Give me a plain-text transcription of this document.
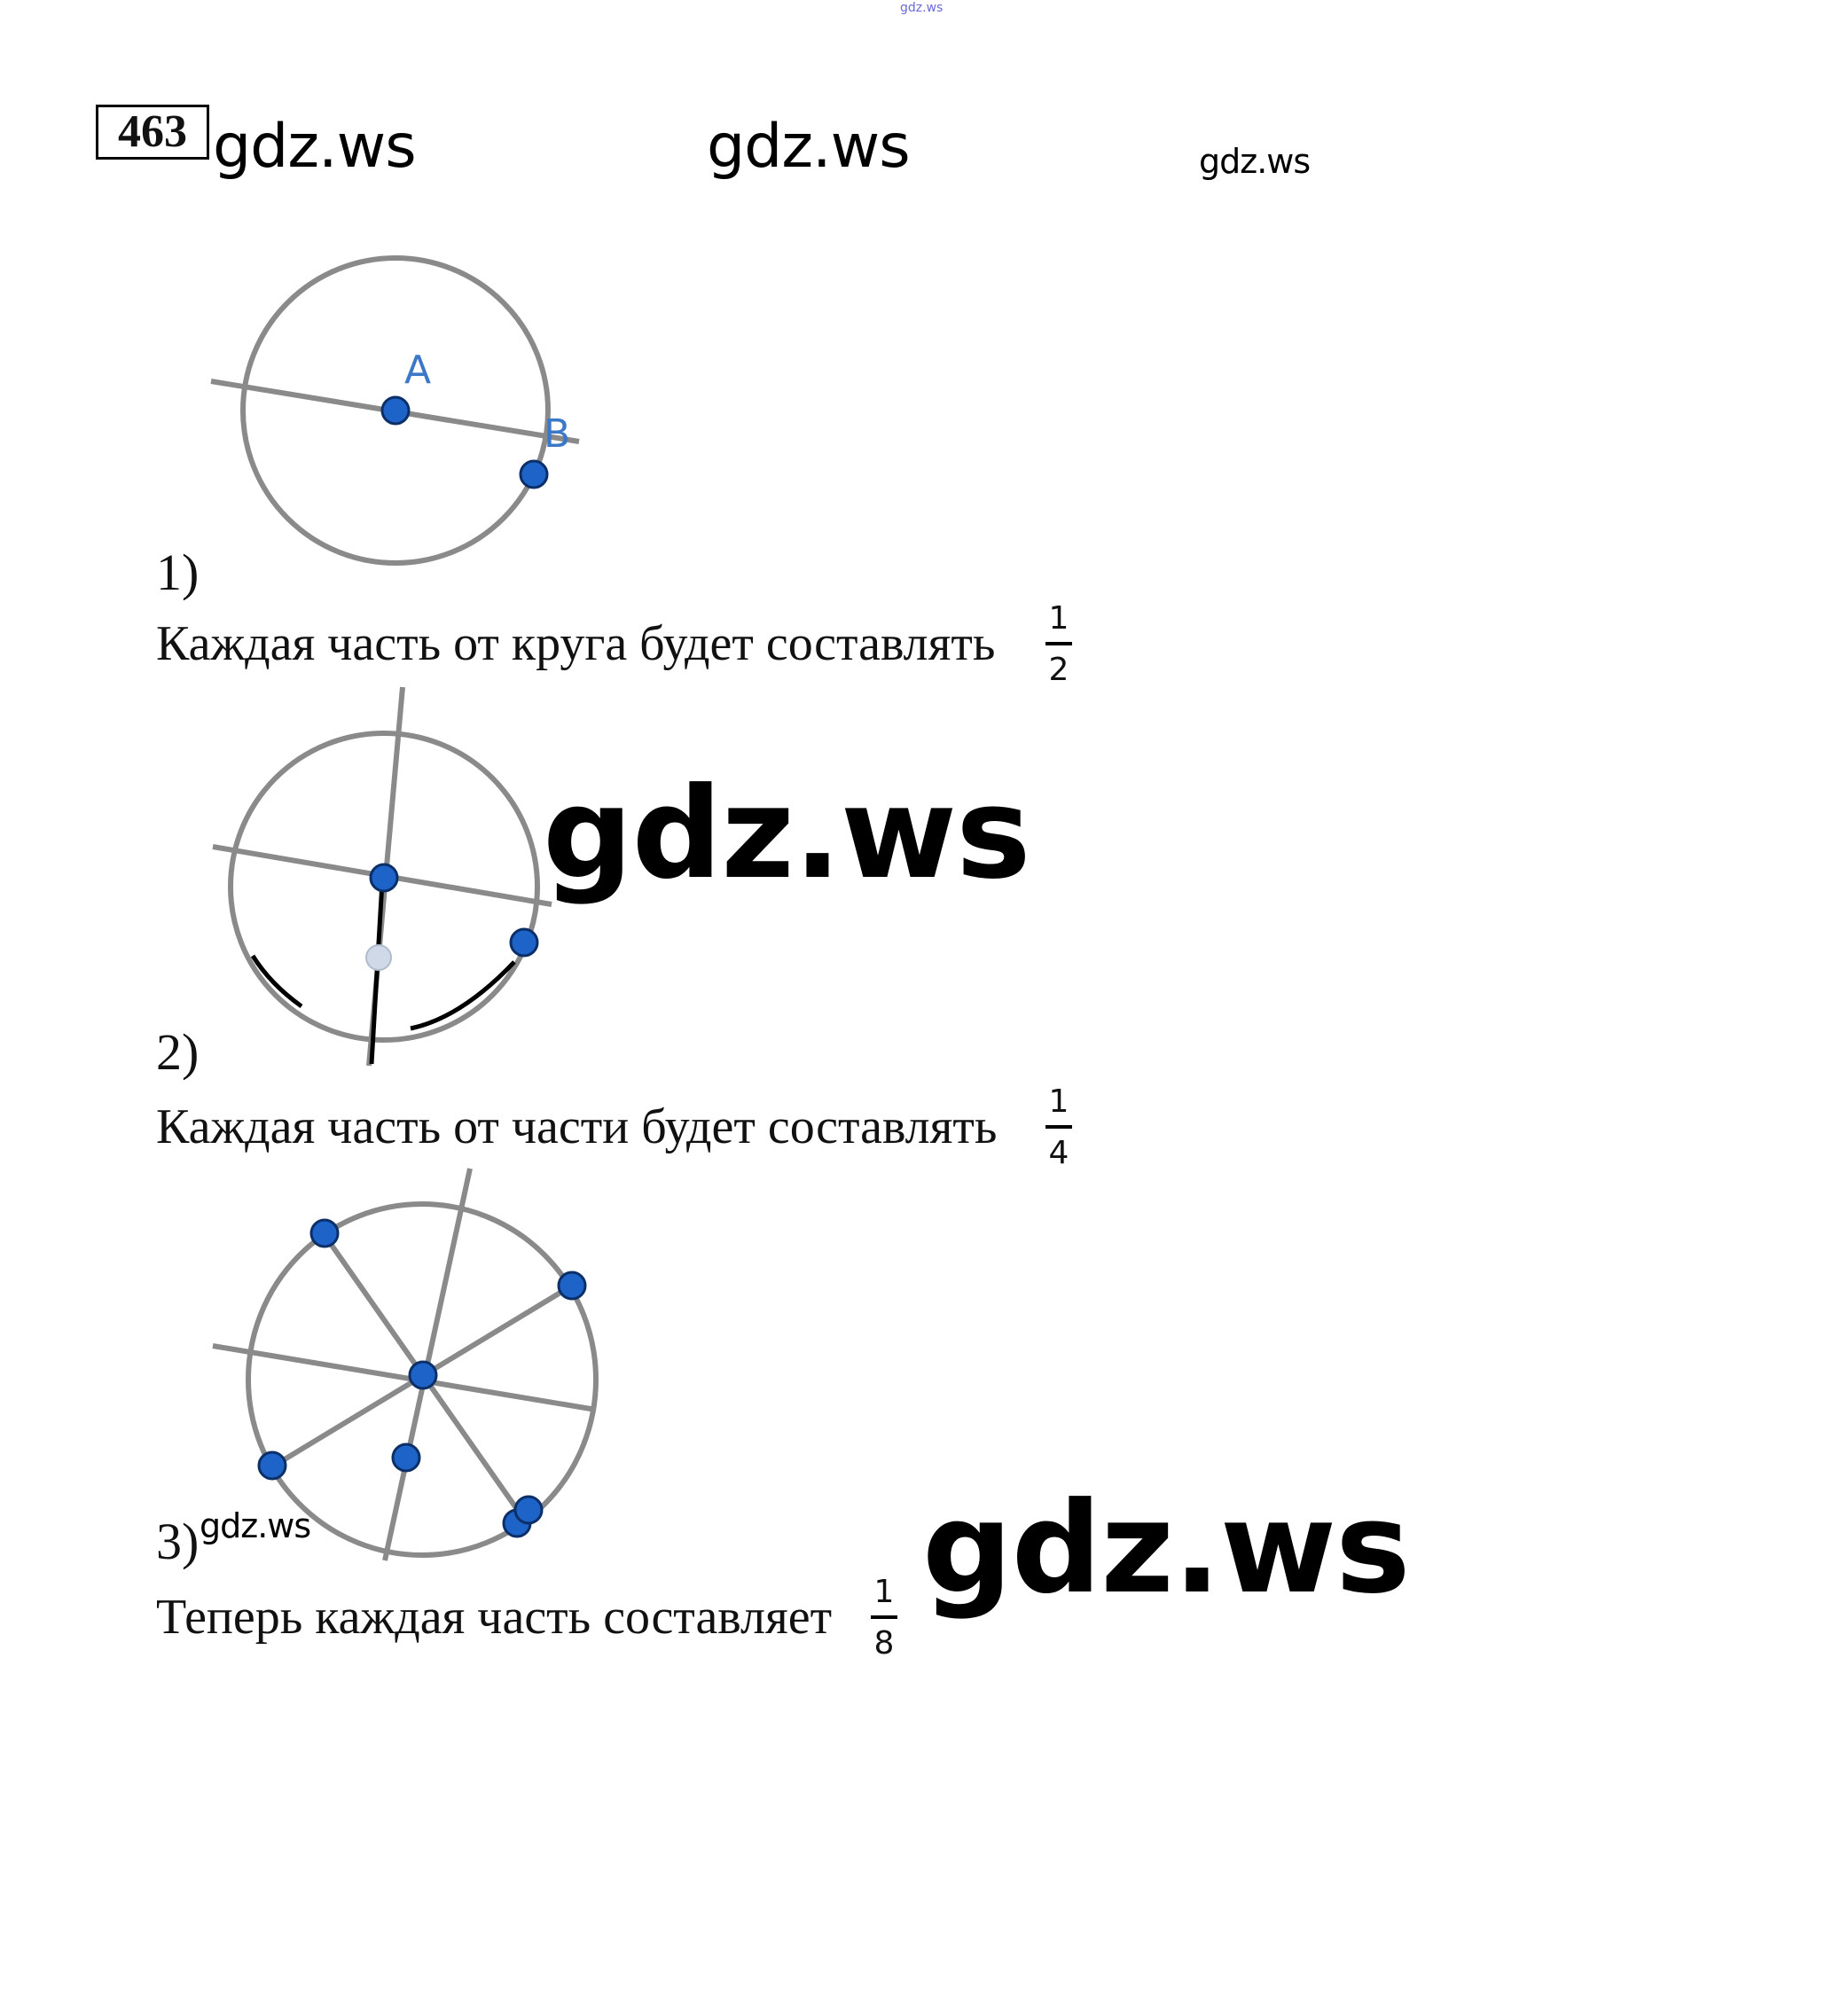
gdz.ws
gdz.ws	gdz.ws	gdz.ws
gdz.ws
gdz.ws	gdz.ws
463
A
B
1)
Каждая часть от круга будет составлять 1
2
2)
Каждая часть от части будет составлять 1
4
3)
Теперь каждая часть составляет 1
8
